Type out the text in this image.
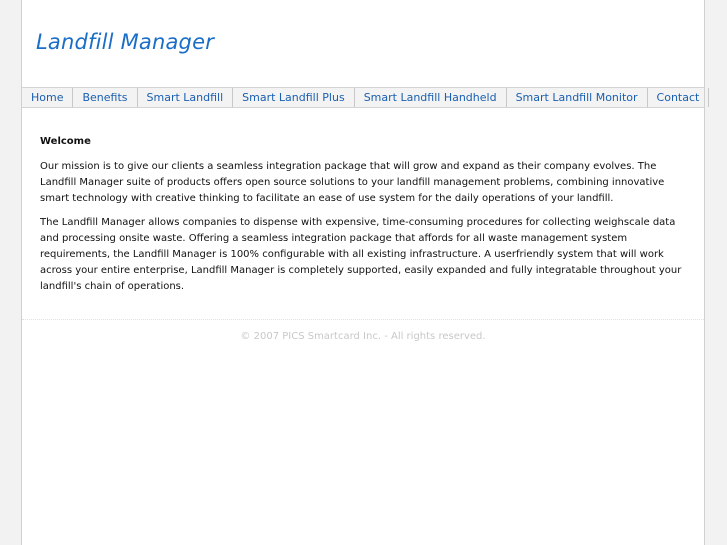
Landfill Manager
Home	Benefits	Smart Landfill	Smart Landfill Plus	Smart Landfill Handheld	Smart Landfill Monitor	Contact
Welcome

Our mission is to give our clients a seamless integration package that will grow and expand as their company evolves. The Landfill Manager suite of products offers open source solutions to your landfill management problems, combining innovative smart technology with creative thinking to facilitate an ease of use system for the daily operations of your landfill.

The Landfill Manager allows companies to dispense with expensive, time-consuming procedures for collecting weighscale data and processing onsite waste. Offering a seamless integration package that affords for all waste management system requirements, the Landfill Manager is 100% configurable with all existing infrastructure. A userfriendly system that will work across your entire enterprise, Landfill Manager is completely supported, easily expanded and fully integratable throughout your landfill's chain of operations.

© 2007 PICS Smartcard Inc. - All rights reserved.
